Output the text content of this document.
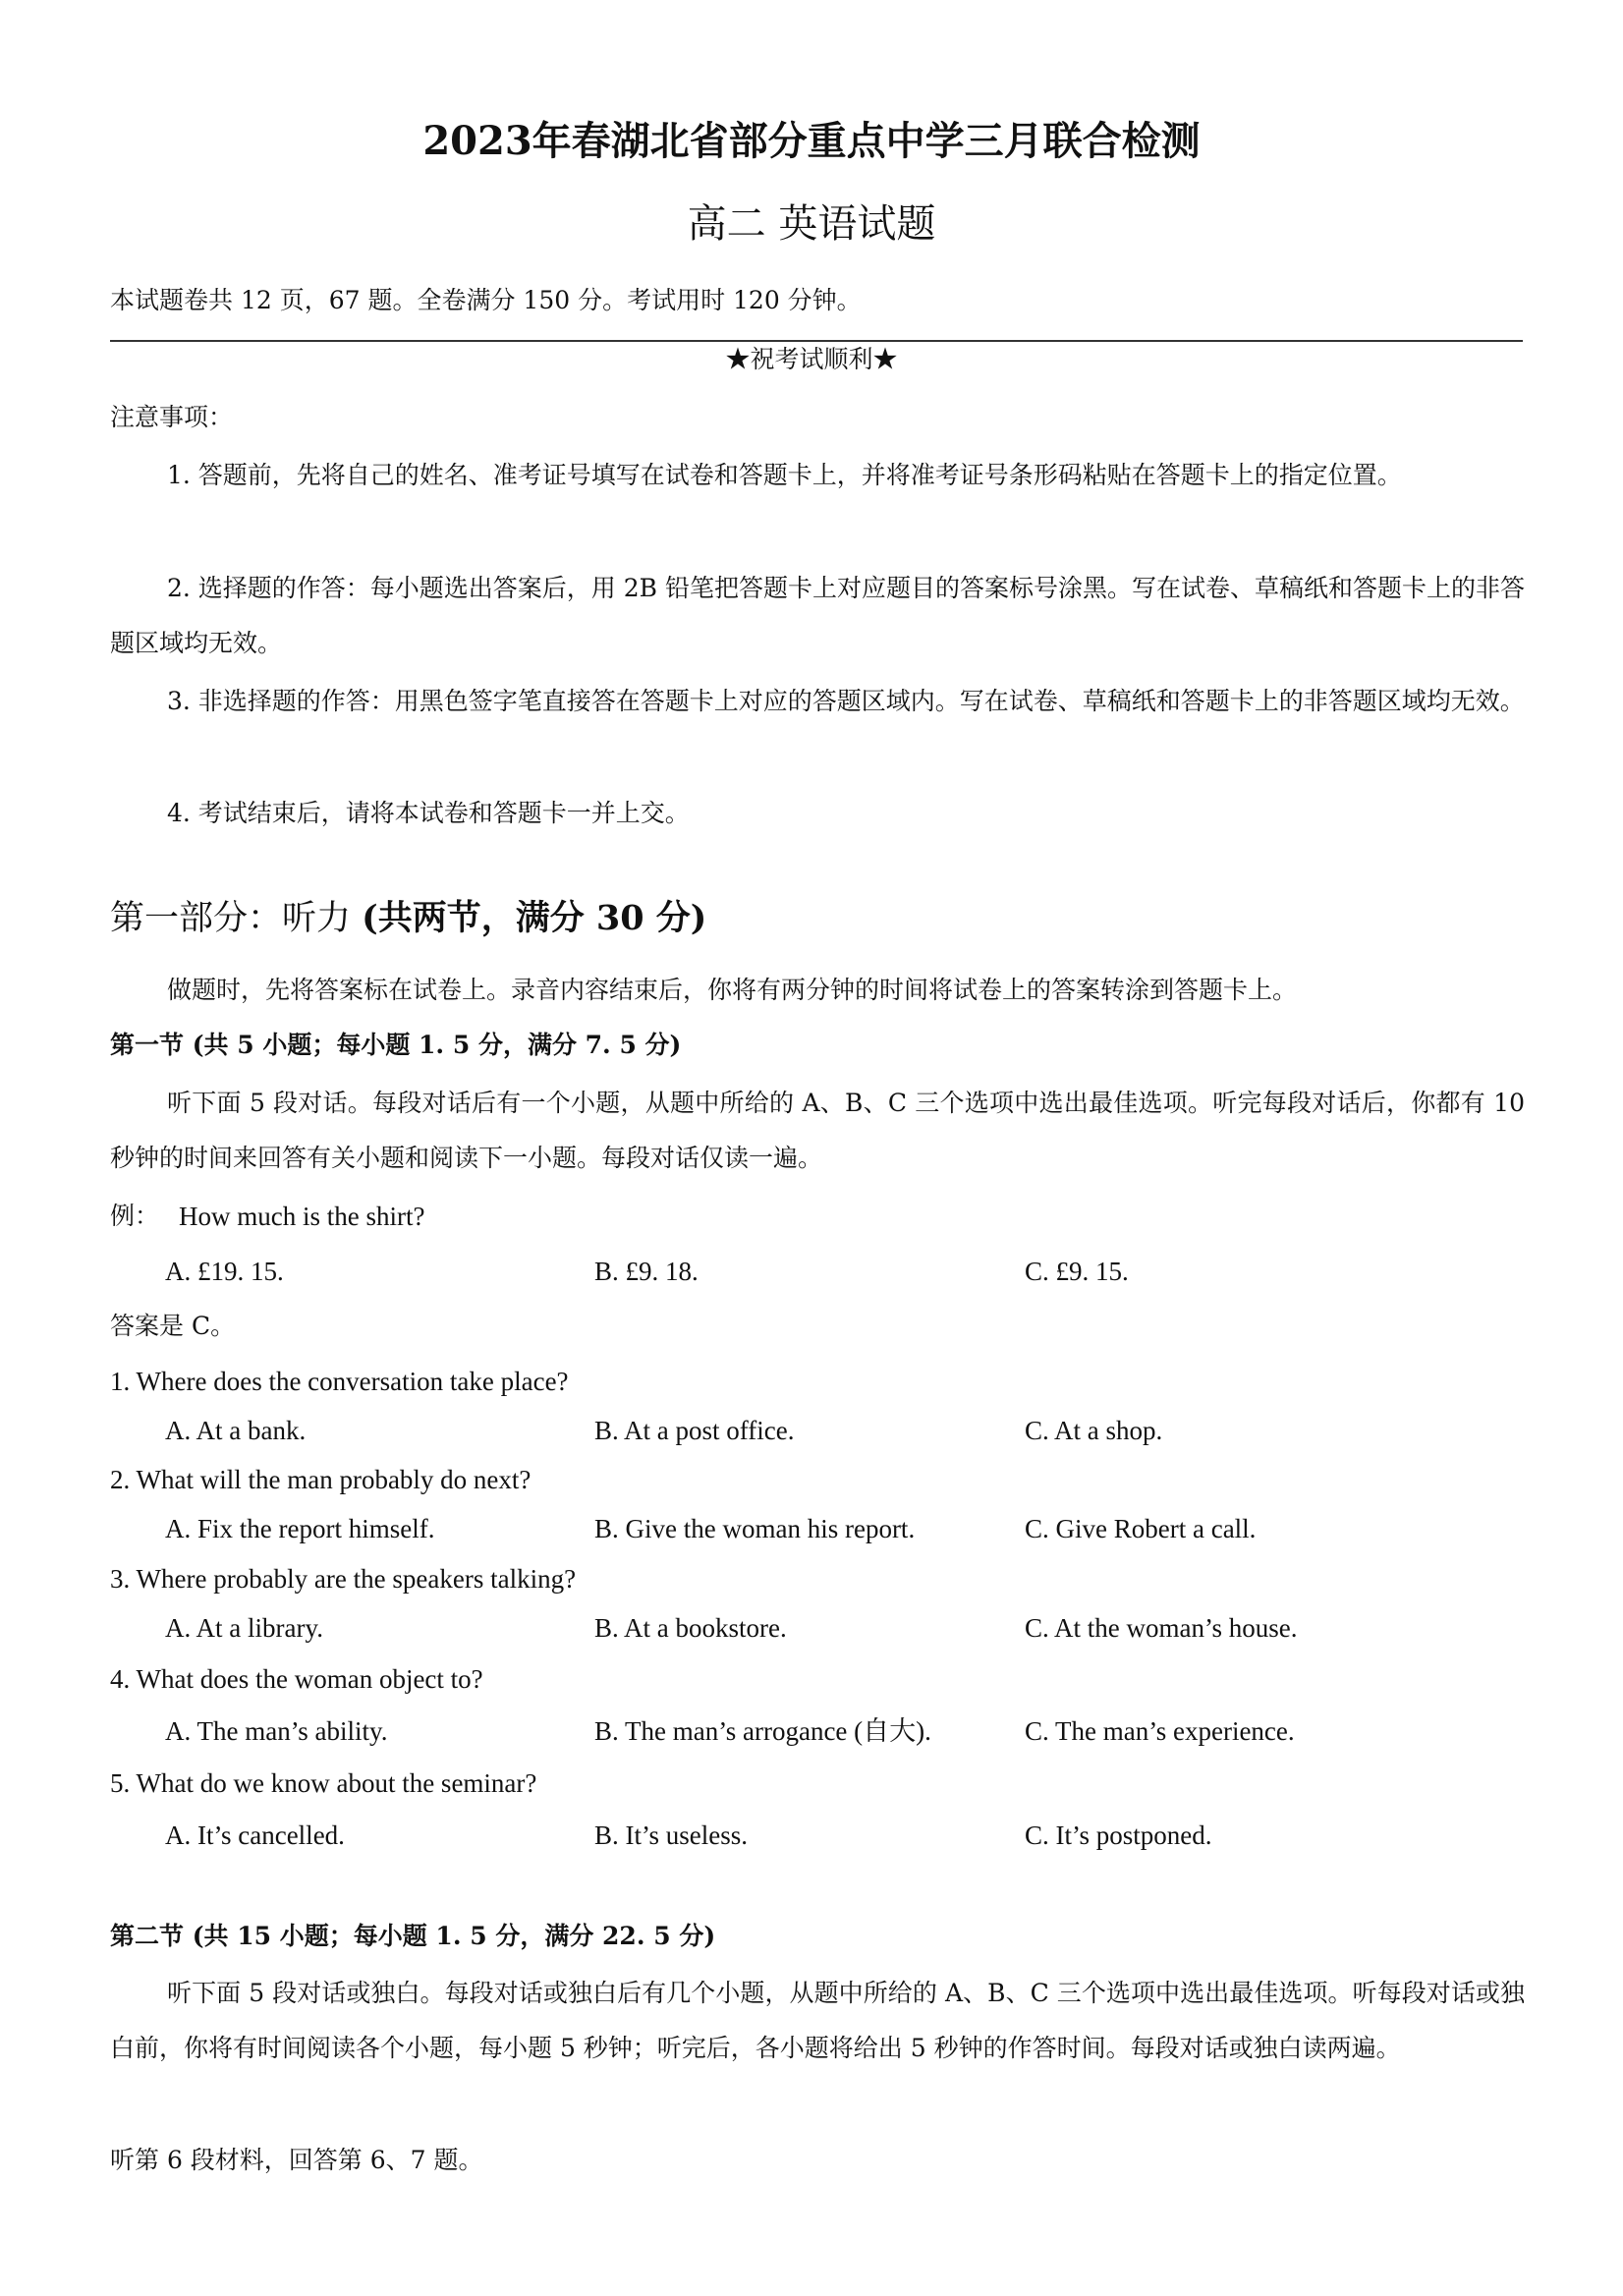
2023年春湖北省部分重点中学三月联合检测
高二 英语试题
本试题卷共 12 页，67 题。全卷满分 150 分。考试用时 120 分钟。
★祝考试顺利★
注意事项：
1. 答题前，先将自己的姓名、准考证号填写在试卷和答题卡上，并将准考证号条形码粘贴在答题卡上的指定位置。
2. 选择题的作答：每小题选出答案后，用 2B 铅笔把答题卡上对应题目的答案标号涂黑。写在试卷、草稿纸和答题卡上的非答题区域均无效。
3. 非选择题的作答：用黑色签字笔直接答在答题卡上对应的答题区域内。写在试卷、草稿纸和答题卡上的非答题区域均无效。
4. 考试结束后，请将本试卷和答题卡一并上交。
第一部分：听力 (共两节，满分 30 分)
做题时，先将答案标在试卷上。录音内容结束后，你将有两分钟的时间将试卷上的答案转涂到答题卡上。
第一节 (共 5 小题；每小题 1. 5 分，满分 7. 5 分)
听下面 5 段对话。每段对话后有一个小题，从题中所给的 A、B、C 三个选项中选出最佳选项。听完每段对话后，你都有 10 秒钟的时间来回答有关小题和阅读下一小题。每段对话仅读一遍。
例： How much is the shirt?
A. £19. 15.	B. £9. 18.	C. £9. 15.
答案是 C。
1. Where does the conversation take place?
A. At a bank.	B. At a post office.	C. At a shop.
2. What will the man probably do next?
A. Fix the report himself.	B. Give the woman his report.	C. Give Robert a call.
3. Where probably are the speakers talking?
A. At a library.	B. At a bookstore.	C. At the woman’s house.
4. What does the woman object to?
A. The man’s ability.	B. The man’s arrogance (自大).	C. The man’s experience.
5. What do we know about the seminar?
A. It’s cancelled.	B. It’s useless.	C. It’s postponed.
第二节 (共 15 小题；每小题 1. 5 分，满分 22. 5 分)
听下面 5 段对话或独白。每段对话或独白后有几个小题，从题中所给的 A、B、C 三个选项中选出最佳选项。听每段对话或独白前，你将有时间阅读各个小题，每小题 5 秒钟；听完后，各小题将给出 5 秒钟的作答时间。每段对话或独白读两遍。
听第 6 段材料，回答第 6、7 题。
